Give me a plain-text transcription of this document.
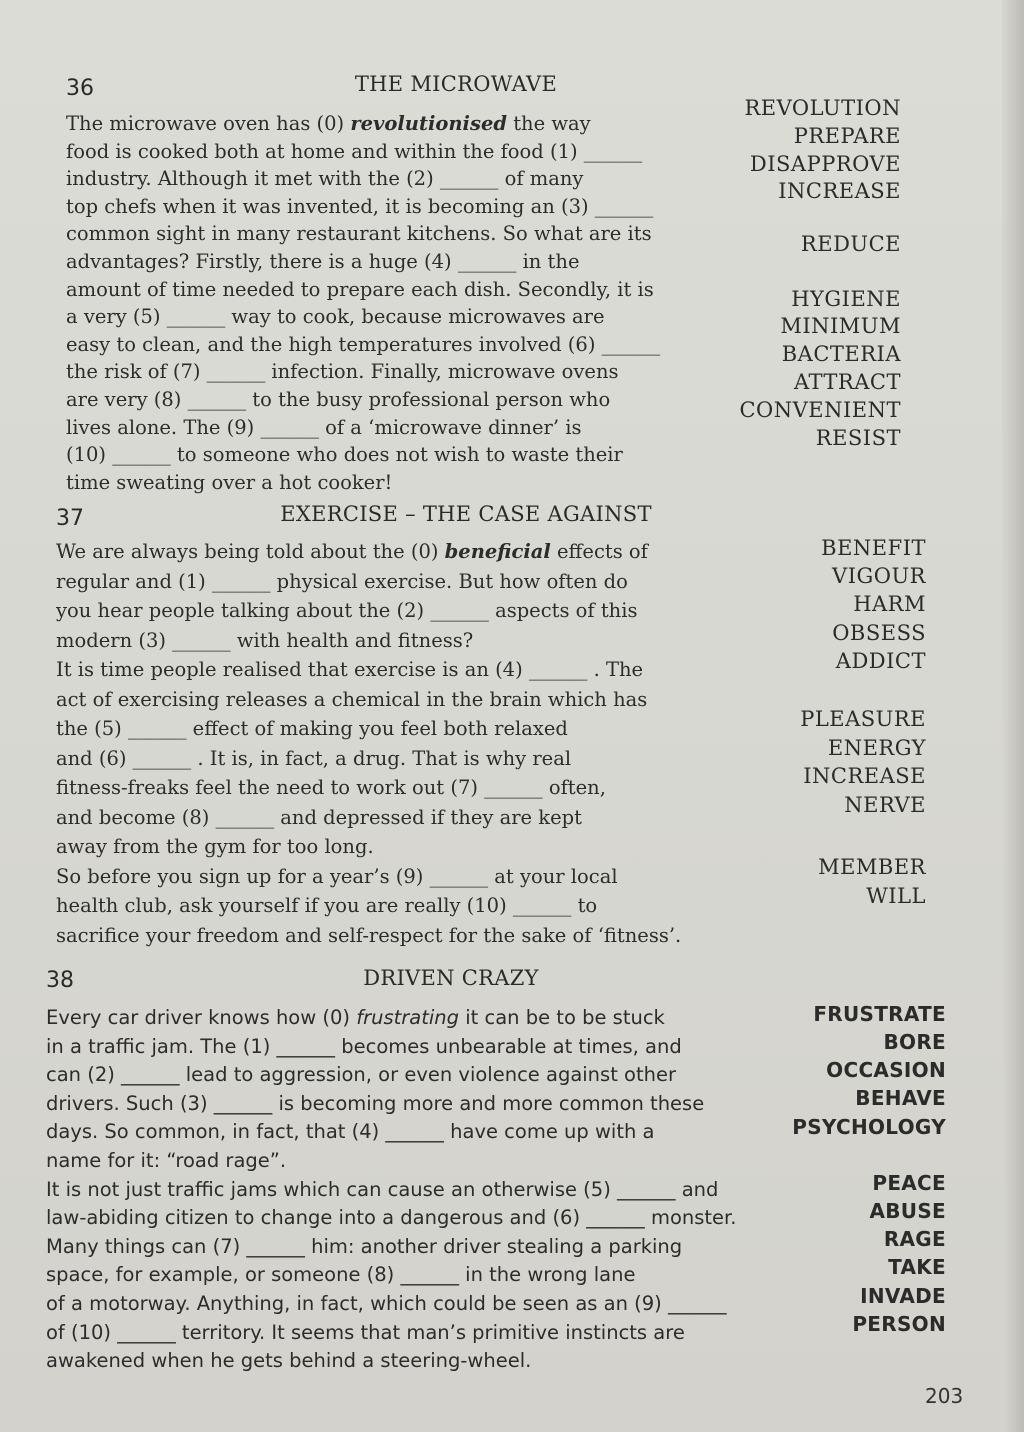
36	THE MICROWAVE
The microwave oven has (0) revolutionised the way
food is cooked both at home and within the food (1) ______
industry. Although it met with the (2) ______ of many
top chefs when it was invented, it is becoming an (3) ______
common sight in many restaurant kitchens. So what are its
advantages? Firstly, there is a huge (4) ______ in the
amount of time needed to prepare each dish. Secondly, it is
a very (5) ______ way to cook, because microwaves are
easy to clean, and the high temperatures involved (6) ______
the risk of (7) ______ infection. Finally, microwave ovens
are very (8) ______ to the busy professional person who
lives alone. The (9) ______ of a ‘microwave dinner’ is
(10) ______ to someone who does not wish to waste their
time sweating over a hot cooker!
REVOLUTION
PREPARE
DISAPPROVE
INCREASE
REDUCE
HYGIENE
MINIMUM
BACTERIA
ATTRACT
CONVENIENT
RESIST
37	EXERCISE – THE CASE AGAINST
We are always being told about the (0) beneficial effects of
regular and (1) ______ physical exercise. But how often do
you hear people talking about the (2) ______ aspects of this
modern (3) ______ with health and fitness?
It is time people realised that exercise is an (4) ______ . The
act of exercising releases a chemical in the brain which has
the (5) ______ effect of making you feel both relaxed
and (6) ______ . It is, in fact, a drug. That is why real
fitness-freaks feel the need to work out (7) ______ often,
and become (8) ______ and depressed if they are kept
away from the gym for too long.
So before you sign up for a year’s (9) ______ at your local
health club, ask yourself if you are really (10) ______ to
sacrifice your freedom and self-respect for the sake of ‘fitness’.
BENEFIT
VIGOUR
HARM
OBSESS
ADDICT
PLEASURE
ENERGY
INCREASE
NERVE
MEMBER
WILL
38	DRIVEN CRAZY
Every car driver knows how (0) frustrating it can be to be stuck
in a traffic jam. The (1) ______ becomes unbearable at times, and
can (2) ______ lead to aggression, or even violence against other
drivers. Such (3) ______ is becoming more and more common these
days. So common, in fact, that (4) ______ have come up with a
name for it: “road rage”.
It is not just traffic jams which can cause an otherwise (5) ______ and
law-abiding citizen to change into a dangerous and (6) ______ monster.
Many things can (7) ______ him: another driver stealing a parking
space, for example, or someone (8) ______ in the wrong lane
of a motorway. Anything, in fact, which could be seen as an (9) ______
of (10) ______ territory. It seems that man’s primitive instincts are
awakened when he gets behind a steering-wheel.
FRUSTRATE
BORE
OCCASION
BEHAVE
PSYCHOLOGY
PEACE
ABUSE
RAGE
TAKE
INVADE
PERSON
203
